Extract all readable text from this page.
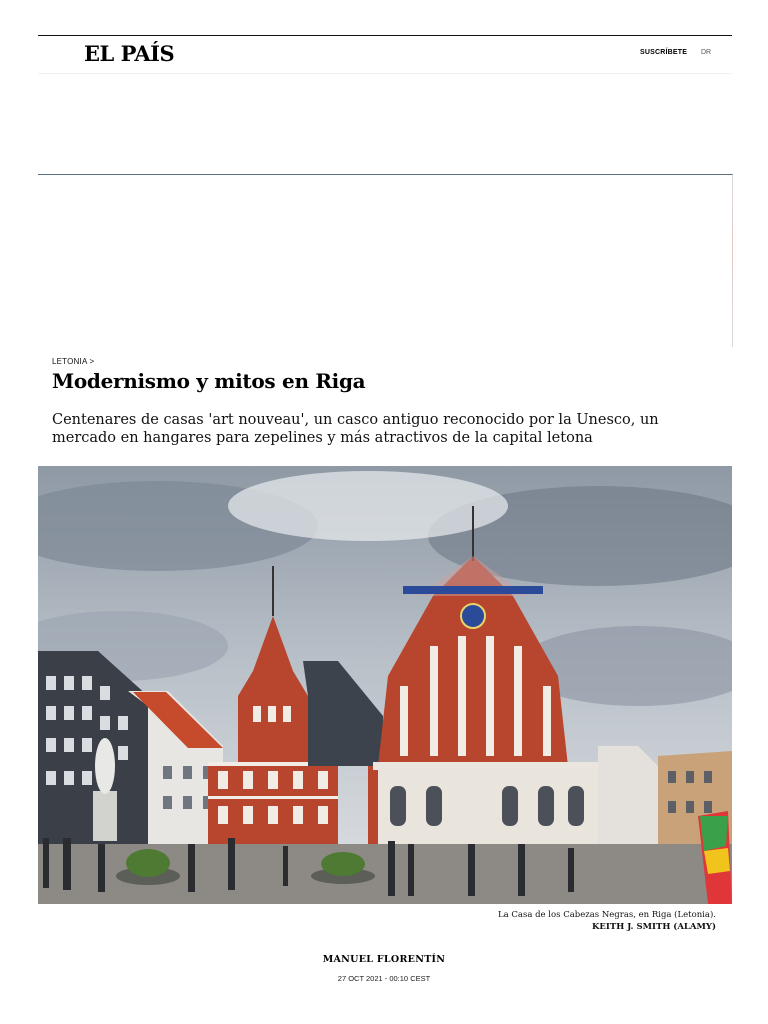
EL PAÍS	SUSCRÍBETE DR
LETONIA >
Modernismo y mitos en Riga
Centenares de casas 'art nouveau', un casco antiguo reconocido por la Unesco, un mercado en hangares para zepelines y más atractivos de la capital letona
La Casa de los Cabezas Negras, en Riga (Letonia).
KEITH J. SMITH (ALAMY)
MANUEL FLORENTÍN
27 OCT 2021 - 00:10 CEST
